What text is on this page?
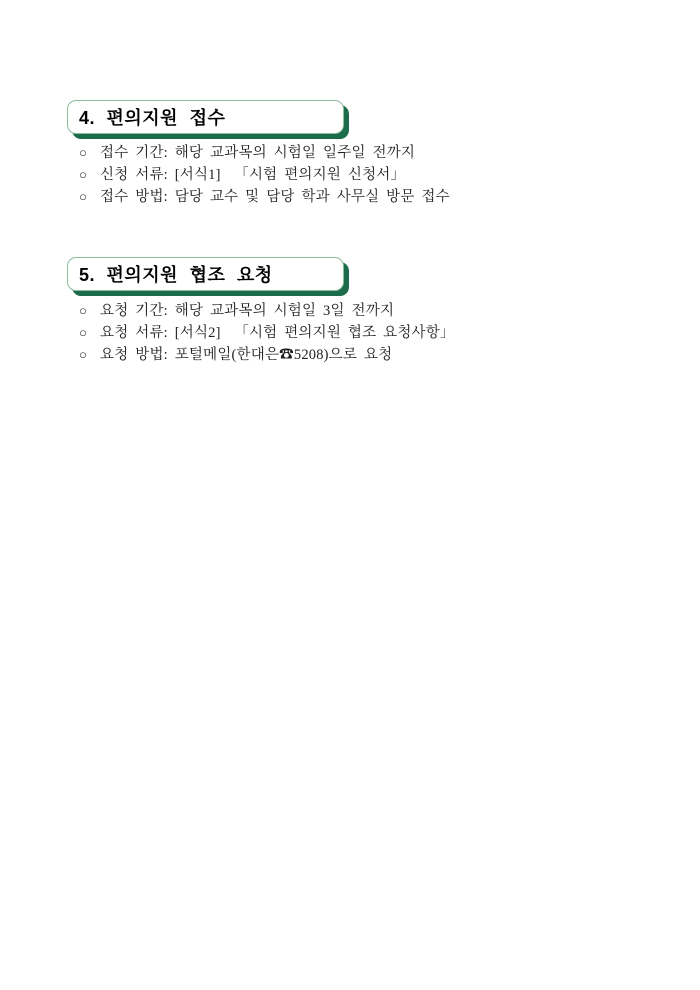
4. 편의지원 접수
○ 접수 기간: 해당 교과목의 시험일 일주일 전까지
○ 신청 서류: [서식1]  「시험 편의지원 신청서」
○ 접수 방법: 담당 교수 및 담당 학과 사무실 방문 접수
5. 편의지원 협조 요청
○ 요청 기간: 해당 교과목의 시험일 3일 전까지
○ 요청 서류: [서식2]  「시험 편의지원 협조 요청사항」
○ 요청 방법: 포털메일(한대은☎5208)으로 요청
